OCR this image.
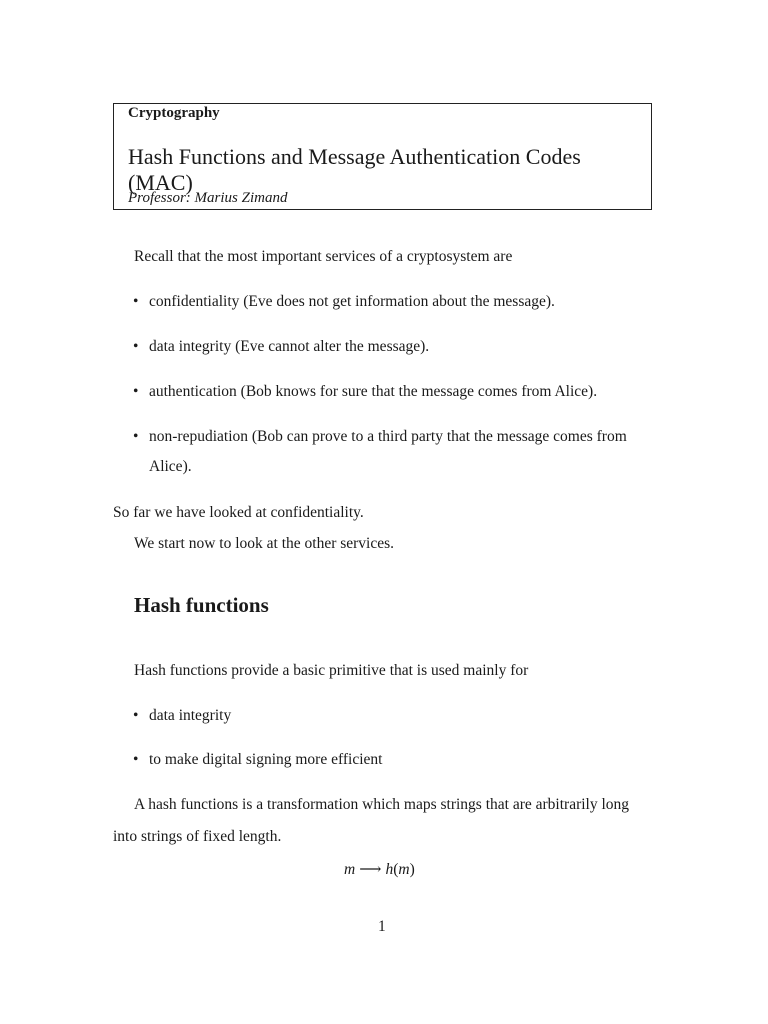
Cryptography
Hash Functions and Message Authentication Codes (MAC)
Professor: Marius Zimand
Recall that the most important services of a cryptosystem are
• confidentiality (Eve does not get information about the message).
• data integrity (Eve cannot alter the message).
• authentication (Bob knows for sure that the message comes from Alice).
• non-repudiation (Bob can prove to a third party that the message comes from
Alice).
So far we have looked at confidentiality.
We start now to look at the other services.
Hash functions
Hash functions provide a basic primitive that is used mainly for
• data integrity
• to make digital signing more efficient
A hash functions is a transformation which maps strings that are arbitrarily long
into strings of fixed length.
m ⟶ h(m)
1
